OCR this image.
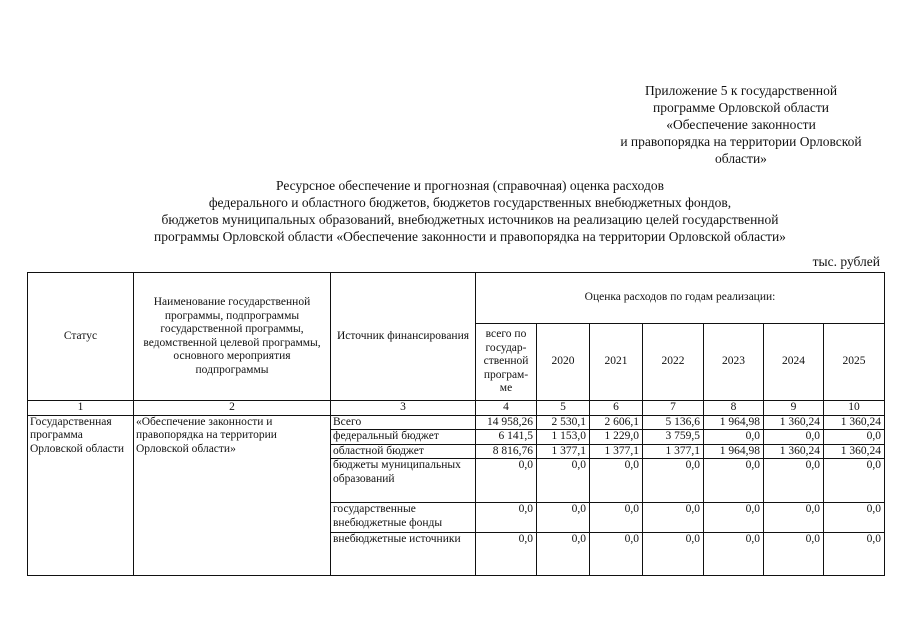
Приложение 5 к государственной
программе Орловской области
«Обеспечение законности
и правопорядка на территории Орловской
области»
Ресурсное обеспечение и прогнозная (справочная) оценка расходов
федерального и областного бюджетов, бюджетов государственных внебюджетных фондов,
бюджетов муниципальных образований, внебюджетных источников на реализацию целей государственной
программы Орловской области «Обеспечение законности и правопорядка на территории Орловской области»
тыс. рублей
Статус	Наименование государственной программы, подпрограммы государственной программы, ведомственной целевой программы, основного мероприятия подпрограммы	Источник финансирования	Оценка расходов по годам реализации:						
			всего по государ-ственной програм-ме	2020	2021	2022	2023	2024	2025
1	2	3	4	5	6	7	8	9	10
Государственная программа Орловской области	«Обеспечение законности и правопорядка на территории Орловской области»	Всего	14 958,26	2 530,1	2 606,1	5 136,6	1 964,98	1 360,24	1 360,24
		федеральный бюджет	6 141,5	1 153,0	1 229,0	3 759,5	0,0	0,0	0,0
		областной бюджет	8 816,76	1 377,1	1 377,1	1 377,1	1 964,98	1 360,24	1 360,24
		бюджеты муниципальных образований	0,0	0,0	0,0	0,0	0,0	0,0	0,0
		государственные внебюджетные фонды	0,0	0,0	0,0	0,0	0,0	0,0	0,0
		внебюджетные источники	0,0	0,0	0,0	0,0	0,0	0,0	0,0
